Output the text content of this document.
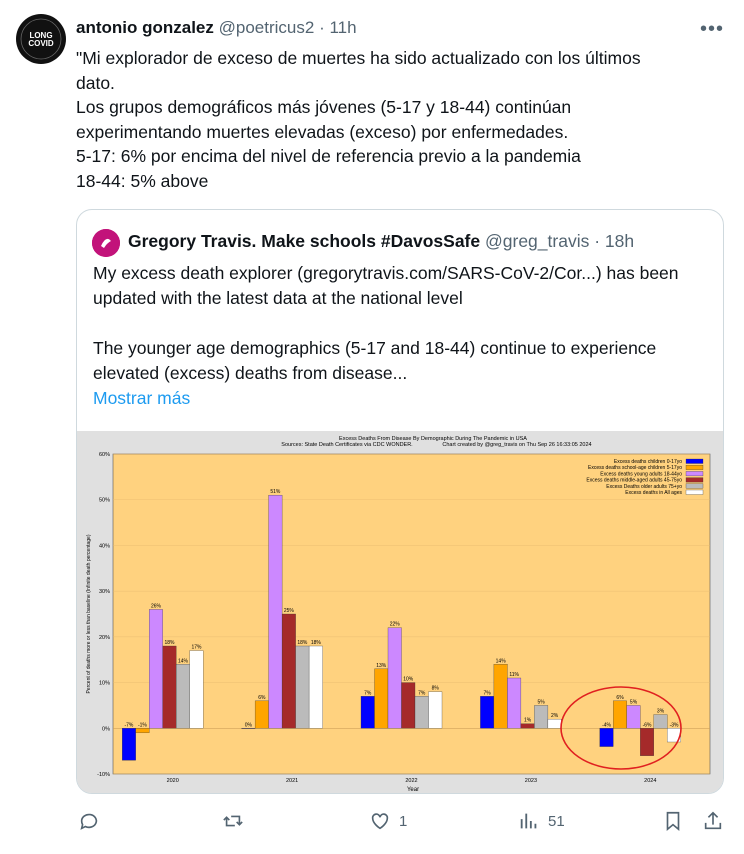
LONG
COVID
antonio gonzalez @poetricus2 · 11h	•••
"Mi explorador de exceso de muertes ha sido actualizado con los últimos
dato.
Los grupos demográficos más jóvenes (5-17 y 18-44) continúan
experimentando muertes elevadas (exceso) por enfermedades.
5-17: 6% por encima del nivel de referencia previo a la pandemia
18-44: 5% above
Gregory Travis. Make schools #DavosSafe @greg_travis · 18h
My excess death explorer (gregorytravis.com/SARS-CoV-2/Cor...) has been
updated with the latest data at the national level
The younger age demographics (5-17 and 18-44) continue to experience
elevated (excess) deaths from disease...
Mostrar más
Excess Deaths From Disease By Demographic During The Pandemic in USA
Sources: State Death Certificates via CDC WONDER.	Chart created by @greg_travis on Thu Sep 26 16:33:05 2024
-7% -1%
26%
18%
14%
17%
0%
6%
51%
25%
18% 18%
7%
13%
22%
10%
7%
8%
7%
14%
11%
1%
5%
2%
-4%
6%
5%
-6%
3%
-3%
60%
50%
40%
30%
20%
10%
0%
-10%
2020	2021	2022	2023	2024
Excess deaths children 0-17yo
Excess deaths school-age children 5-17yo
Excess deaths young adults 18-44yo
Excess deaths middle-aged adults 45-75yo
Excess Deaths older adults 75+yo
Excess deaths in All ages
Year
Percent of deaths more or less than baseline (Infinite death percentage)
1	51
